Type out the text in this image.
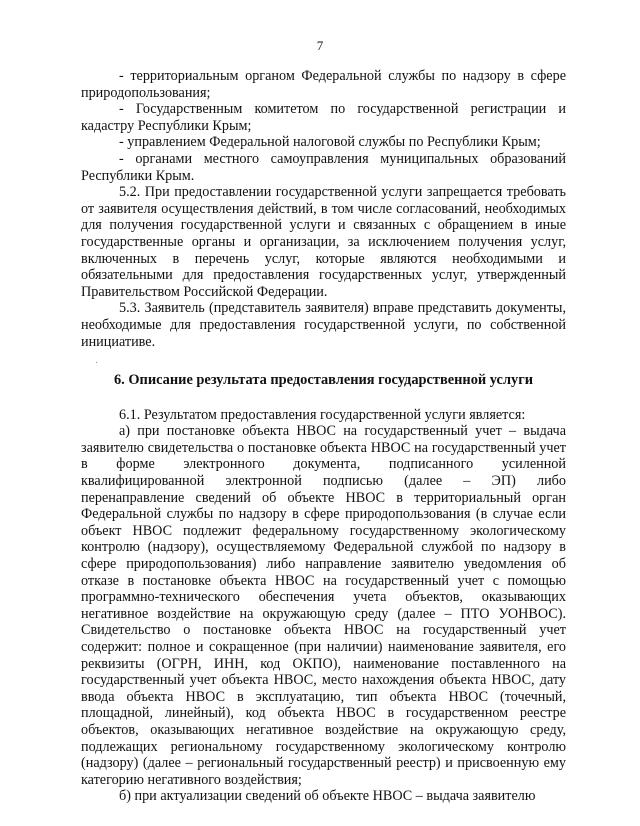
7
·

- территориальным органом Федеральной службы по надзору в сфере природопользования;

- Государственным комитетом по государственной регистрации и кадастру Республики Крым;

- управлением Федеральной налоговой службы по Республики Крым;

- органами местного самоуправления муниципальных образований Республики Крым.

5.2. При предоставлении государственной услуги запрещается требовать от заявителя осуществления действий, в том числе согласований, необходимых для получения государственной услуги и связанных с обращением в иные государственные органы и организации, за исключением получения услуг, включенных в перечень услуг, которые являются необходимыми и обязательными для предоставления государственных услуг, утвержденный Правительством Российской Федерации.

5.3. Заявитель (представитель заявителя) вправе представить документы, необходимые для предоставления государственной услуги, по собственной инициативе.

6. Описание результата предоставления государственной услуги

6.1. Результатом предоставления государственной услуги является:

а) при постановке объекта НВОС на государственный учет – выдача заявителю свидетельства о постановке объекта НВОС на государственный учет в форме электронного документа, подписанного усиленной квалифицированной электронной подписью (далее – ЭП) либо перенаправление сведений об объекте НВОС в территориальный орган Федеральной службы по надзору в сфере природопользования (в случае если объект НВОС подлежит федеральному государственному экологическому контролю (надзору), осуществляемому Федеральной службой по надзору в сфере природопользования) либо направление заявителю уведомления об отказе в постановке объекта НВОС на государственный учет с помощью программно-технического обеспечения учета объектов, оказывающих негативное воздействие на окружающую среду (далее – ПТО УОНВОС). Свидетельство о постановке объекта НВОС на государственный учет содержит: полное и сокращенное (при наличии) наименование заявителя, его реквизиты (ОГРН, ИНН, код ОКПО), наименование поставленного на государственный учет объекта НВОС, место нахождения объекта НВОС, дату ввода объекта НВОС в эксплуатацию, тип объекта НВОС (точечный, площадной, линейный), код объекта НВОС в государственном реестре объектов, оказывающих негативное воздействие на окружающую среду, подлежащих региональному государственному экологическому контролю (надзору) (далее – региональный государственный реестр) и присвоенную ему категорию негативного воздействия;

б) при актуализации сведений об объекте НВОС – выдача заявителю
